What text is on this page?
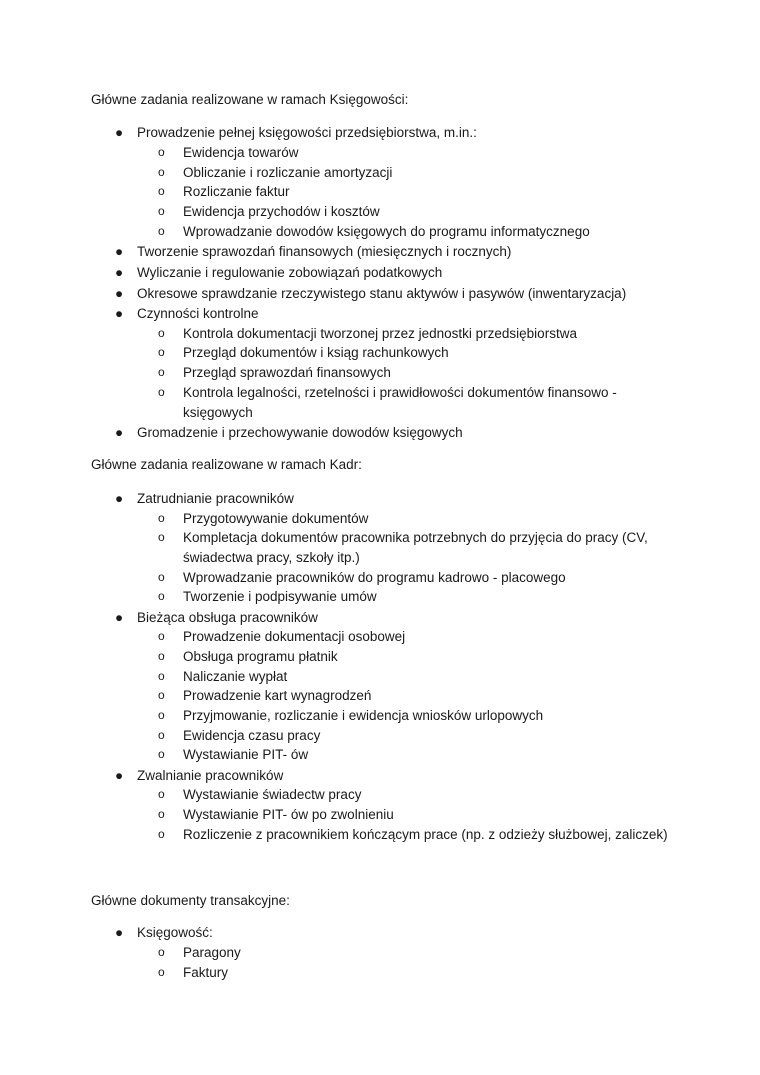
Główne zadania realizowane w ramach Księgowości:
● Prowadzenie pełnej księgowości przedsiębiorstwa, m.in.:
o Ewidencja towarów
o Obliczanie i rozliczanie amortyzacji
o Rozliczanie faktur
o Ewidencja przychodów i kosztów
o Wprowadzanie dowodów księgowych do programu informatycznego
● Tworzenie sprawozdań finansowych (miesięcznych i rocznych)
● Wyliczanie i regulowanie zobowiązań podatkowych
● Okresowe sprawdzanie rzeczywistego stanu aktywów i pasywów (inwentaryzacja)
● Czynności kontrolne
o Kontrola dokumentacji tworzonej przez jednostki przedsiębiorstwa
o Przegląd dokumentów i ksiąg rachunkowych
o Przegląd sprawozdań finansowych
o Kontrola legalności, rzetelności i prawidłowości dokumentów finansowo -
księgowych
● Gromadzenie i przechowywanie dowodów księgowych
Główne zadania realizowane w ramach Kadr:
● Zatrudnianie pracowników
o Przygotowywanie dokumentów
o Kompletacja dokumentów pracownika potrzebnych do przyjęcia do pracy (CV,
świadectwa pracy, szkoły itp.)
o Wprowadzanie pracowników do programu kadrowo - placowego
o Tworzenie i podpisywanie umów
● Bieżąca obsługa pracowników
o Prowadzenie dokumentacji osobowej
o Obsługa programu płatnik
o Naliczanie wypłat
o Prowadzenie kart wynagrodzeń
o Przyjmowanie, rozliczanie i ewidencja wniosków urlopowych
o Ewidencja czasu pracy
o Wystawianie PIT- ów
● Zwalnianie pracowników
o Wystawianie świadectw pracy
o Wystawianie PIT- ów po zwolnieniu
o Rozliczenie z pracownikiem kończącym prace (np. z odzieży służbowej, zaliczek)
Główne dokumenty transakcyjne:
● Księgowość:
o Paragony
o Faktury
